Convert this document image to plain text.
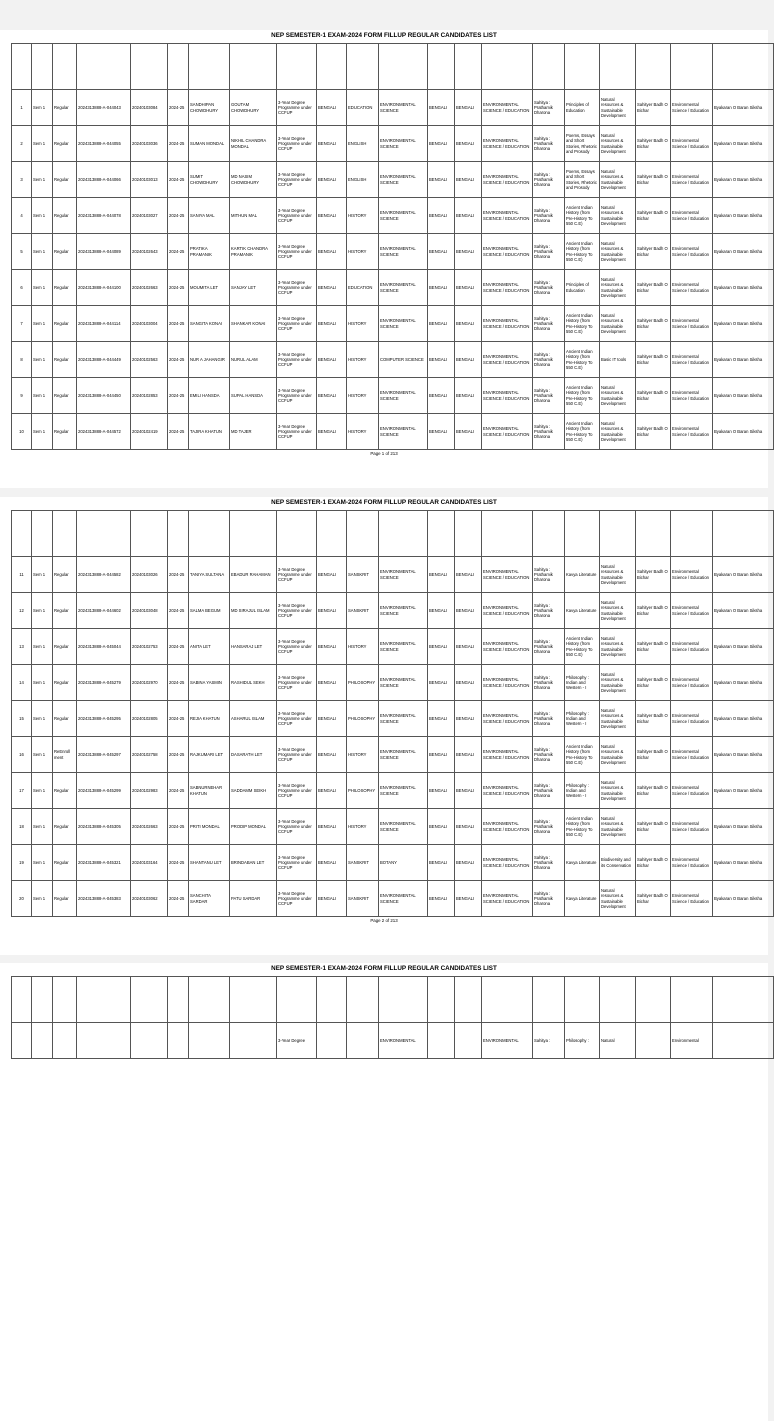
NEP SEMESTER-1 EXAM-2024 FORM FILLUP REGULAR CANDIDATES LIST

1	Sem 1	Regular	2024313888-A-044043	20240103084	2024-25	SANDHIPAN CHOWDHURY	GOUTAM CHOWDHURY	3-Year Degree Programme under CCFUP	BENGALI	EDUCATION	ENVIRONMENTAL SCIENCE	BENGALI	BENGALI	ENVIRONMENTAL SCIENCE / EDUCATION	Sahitya : Prathamik Dharona	Principles of Education	Natural resources & Sustainable Development	Sahityer Badh O Bichar	Environmental Science / Education	Byakaran O Baran Siksha
2	Sem 1	Regular	2024313888-A-044055	20240103036	2024-25	SUMAN MONDAL	NIKHIL CHANDRA MONDAL	3-Year Degree Programme under CCFUP	BENGALI	ENGLISH	ENVIRONMENTAL SCIENCE	BENGALI	BENGALI	ENVIRONMENTAL SCIENCE / EDUCATION	Sahitya : Prathamik Dharona	Poems, Essays and Short Stories, Rhetoric and Prosody	Natural resources & Sustainable Development	Sahityer Badh O Bichar	Environmental Science / Education	Byakaran O Baran Siksha
3	Sem 1	Regular	2024313888-A-044066	20240103013	2024-25	SUMIT CHOWDHURY	MD NASIM CHOWDHURY	3-Year Degree Programme under CCFUP	BENGALI	ENGLISH	ENVIRONMENTAL SCIENCE	BENGALI	BENGALI	ENVIRONMENTAL SCIENCE / EDUCATION	Sahitya : Prathamik Dharona	Poems, Essays and Short Stories, Rhetoric and Prosody	Natural resources & Sustainable Development	Sahityer Badh O Bichar	Environmental Science / Education	Byakaran O Baran Siksha
4	Sem 1	Regular	2024313888-A-044078	20240103027	2024-25	SANIYA MAL	MITHUN MAL	3-Year Degree Programme under CCFUP	BENGALI	HISTORY	ENVIRONMENTAL SCIENCE	BENGALI	BENGALI	ENVIRONMENTAL SCIENCE / EDUCATION	Sahitya : Prathamik Dharona	Ancient Indian History (from Pre-History To 550 C.E)	Natural resources & Sustainable Development	Sahityer Badh O Bichar	Environmental Science / Education	Byakaran O Baran Siksha
5	Sem 1	Regular	2024313888-A-044089	20240102643	2024-25	PRATIKA PRAMANIK	KARTIK CHANDRA PRAMANIK	3-Year Degree Programme under CCFUP	BENGALI	HISTORY	ENVIRONMENTAL SCIENCE	BENGALI	BENGALI	ENVIRONMENTAL SCIENCE / EDUCATION	Sahitya : Prathamik Dharona	Ancient Indian History (from Pre-History To 550 C.E)	Natural resources & Sustainable Development	Sahityer Badh O Bichar	Environmental Science / Education	Byakaran O Baran Siksha
6	Sem 1	Regular	2024313888-A-044100	20240102663	2024-25	MOUMITA LET	SANJAY LET	3-Year Degree Programme under CCFUP	BENGALI	EDUCATION	ENVIRONMENTAL SCIENCE	BENGALI	BENGALI	ENVIRONMENTAL SCIENCE / EDUCATION	Sahitya : Prathamik Dharona	Principles of Education	Natural resources & Sustainable Development	Sahityer Badh O Bichar	Environmental Science / Education	Byakaran O Baran Siksha
7	Sem 1	Regular	2024313888-A-044114	20240103004	2024-25	SANGITA KONAI	SHANKAR KONAI	3-Year Degree Programme under CCFUP	BENGALI	HISTORY	ENVIRONMENTAL SCIENCE	BENGALI	BENGALI	ENVIRONMENTAL SCIENCE / EDUCATION	Sahitya : Prathamik Dharona	Ancient Indian History (from Pre-History To 550 C.E)	Natural resources & Sustainable Development	Sahityer Badh O Bichar	Environmental Science / Education	Byakaran O Baran Siksha
8	Sem 1	Regular	2024313888-A-044449	20240102563	2024-25	NUR A JAHANGIR	NURUL ALAM	3-Year Degree Programme under CCFUP	BENGALI	HISTORY	COMPUTER SCIENCE	BENGALI	BENGALI	ENVIRONMENTAL SCIENCE / EDUCATION	Sahitya : Prathamik Dharona	Ancient Indian History (from Pre-History To 550 C.E)	Basic IT tools	Sahityer Badh O Bichar	Environmental Science / Education	Byakaran O Baran Siksha
9	Sem 1	Regular	2024313888-A-044450	20240102853	2024-25	EMILI HANSDA	SUPAL HANSDA	3-Year Degree Programme under CCFUP	BENGALI	HISTORY	ENVIRONMENTAL SCIENCE	BENGALI	BENGALI	ENVIRONMENTAL SCIENCE / EDUCATION	Sahitya : Prathamik Dharona	Ancient Indian History (from Pre-History To 550 C.E)	Natural resources & Sustainable Development	Sahityer Badh O Bichar	Environmental Science / Education	Byakaran O Baran Siksha
10	Sem 1	Regular	2024313888-A-044572	20240102419	2024-25	TAJIRA KHATUN	MD TAJER	3-Year Degree Programme under CCFUP	BENGALI	HISTORY	ENVIRONMENTAL SCIENCE	BENGALI	BENGALI	ENVIRONMENTAL SCIENCE / EDUCATION	Sahitya : Prathamik Dharona	Ancient Indian History (from Pre-History To 550 C.E)	Natural resources & Sustainable Development	Sahityer Badh O Bichar	Environmental Science / Education	Byakaran O Baran Siksha
Page 1 of 213
NEP SEMESTER-1 EXAM-2024 FORM FILLUP REGULAR CANDIDATES LIST

11	Sem 1	Regular	2024313888-A-044582	20240103026	2024-25	TANIYA SULTANA	EBADUR RAHAMAN	3-Year Degree Programme under CCFUP	BENGALI	SANSKRIT	ENVIRONMENTAL SCIENCE	BENGALI	BENGALI	ENVIRONMENTAL SCIENCE / EDUCATION	Sahitya : Prathamik Dharona	Kavya Literature	Natural resources & Sustainable Development	Sahityer Badh O Bichar	Environmental Science / Education	Byakaran O Baran Siksha
12	Sem 1	Regular	2024313888-A-044602	20240103048	2024-25	SALMA BEGUM	MD SIRAJUL ISLAM	3-Year Degree Programme under CCFUP	BENGALI	SANSKRIT	ENVIRONMENTAL SCIENCE	BENGALI	BENGALI	ENVIRONMENTAL SCIENCE / EDUCATION	Sahitya : Prathamik Dharona	Kavya Literature	Natural resources & Sustainable Development	Sahityer Badh O Bichar	Environmental Science / Education	Byakaran O Baran Siksha
13	Sem 1	Regular	2024313888-A-045044	20240102753	2024-25	ANITA LET	HANSARAJ LET	3-Year Degree Programme under CCFUP	BENGALI	HISTORY	ENVIRONMENTAL SCIENCE	BENGALI	BENGALI	ENVIRONMENTAL SCIENCE / EDUCATION	Sahitya : Prathamik Dharona	Ancient Indian History (from Pre-History To 550 C.E)	Natural resources & Sustainable Development	Sahityer Badh O Bichar	Environmental Science / Education	Byakaran O Baran Siksha
14	Sem 1	Regular	2024313888-A-045279	20240102970	2024-25	SABINA YASMIN	RASHIDUL SEKH	3-Year Degree Programme under CCFUP	BENGALI	PHILOSOPHY	ENVIRONMENTAL SCIENCE	BENGALI	BENGALI	ENVIRONMENTAL SCIENCE / EDUCATION	Sahitya : Prathamik Dharona	Philosophy : Indian and Western - I	Natural resources & Sustainable Development	Sahityer Badh O Bichar	Environmental Science / Education	Byakaran O Baran Siksha
15	Sem 1	Regular	2024313888-A-045295	20240102805	2024-25	REJIA KHATUN	ASHARUL ISLAM	3-Year Degree Programme under CCFUP	BENGALI	PHILOSOPHY	ENVIRONMENTAL SCIENCE	BENGALI	BENGALI	ENVIRONMENTAL SCIENCE / EDUCATION	Sahitya : Prathamik Dharona	Philosophy : Indian and Western - I	Natural resources & Sustainable Development	Sahityer Badh O Bichar	Environmental Science / Education	Byakaran O Baran Siksha
16	Sem 1	ReEnroll ment	2024313888-A-045297	20240102758	2024-25	RAJKUMARI LET	DASARATH LET	3-Year Degree Programme under CCFUP	BENGALI	HISTORY	ENVIRONMENTAL SCIENCE	BENGALI	BENGALI	ENVIRONMENTAL SCIENCE / EDUCATION	Sahitya : Prathamik Dharona	Ancient Indian History (from Pre-History To 550 C.E)	Natural resources & Sustainable Development	Sahityer Badh O Bichar	Environmental Science / Education	Byakaran O Baran Siksha
17	Sem 1	Regular	2024313888-A-045299	20240102983	2024-25	SABNURNEHAR KHATUN	SADDAMM SEIKH	3-Year Degree Programme under CCFUP	BENGALI	PHILOSOPHY	ENVIRONMENTAL SCIENCE	BENGALI	BENGALI	ENVIRONMENTAL SCIENCE / EDUCATION	Sahitya : Prathamik Dharona	Philosophy : Indian and Western - I	Natural resources & Sustainable Development	Sahityer Badh O Bichar	Environmental Science / Education	Byakaran O Baran Siksha
18	Sem 1	Regular	2024313888-A-045305	20240102663	2024-25	PRITI MONDAL	PRODIP MONDAL	3-Year Degree Programme under CCFUP	BENGALI	HISTORY	ENVIRONMENTAL SCIENCE	BENGALI	BENGALI	ENVIRONMENTAL SCIENCE / EDUCATION	Sahitya : Prathamik Dharona	Ancient Indian History (from Pre-History To 550 C.E)	Natural resources & Sustainable Development	Sahityer Badh O Bichar	Environmental Science / Education	Byakaran O Baran Siksha
19	Sem 1	Regular	2024313888-A-045321	20240103164	2024-25	SHANTANU LET	BRINDABAN LET	3-Year Degree Programme under CCFUP	BENGALI	SANSKRIT	BOTANY	BENGALI	BENGALI	ENVIRONMENTAL SCIENCE / EDUCATION	Sahitya : Prathamik Dharona	Kavya Literature	Biodiversity and its Conservation	Sahityer Badh O Bichar	Environmental Science / Education	Byakaran O Baran Siksha
20	Sem 1	Regular	2024313888-A-045383	20240103062	2024-25	SANCHITA SARDAR	PATU SARDAR	3-Year Degree Programme under CCFUP	BENGALI	SANSKRIT	ENVIRONMENTAL SCIENCE	BENGALI	BENGALI	ENVIRONMENTAL SCIENCE / EDUCATION	Sahitya : Prathamik Dharona	Kavya Literature	Natural resources & Sustainable Development	Sahityer Badh O Bichar	Environmental Science / Education	Byakaran O Baran Siksha
Page 2 of 213
NEP SEMESTER-1 EXAM-2024 FORM FILLUP REGULAR CANDIDATES LIST

								3-Year Degree			ENVIRONMENTAL			ENVIRONMENTAL	Sahitya :	Philosophy :	Natural		Environmental	
